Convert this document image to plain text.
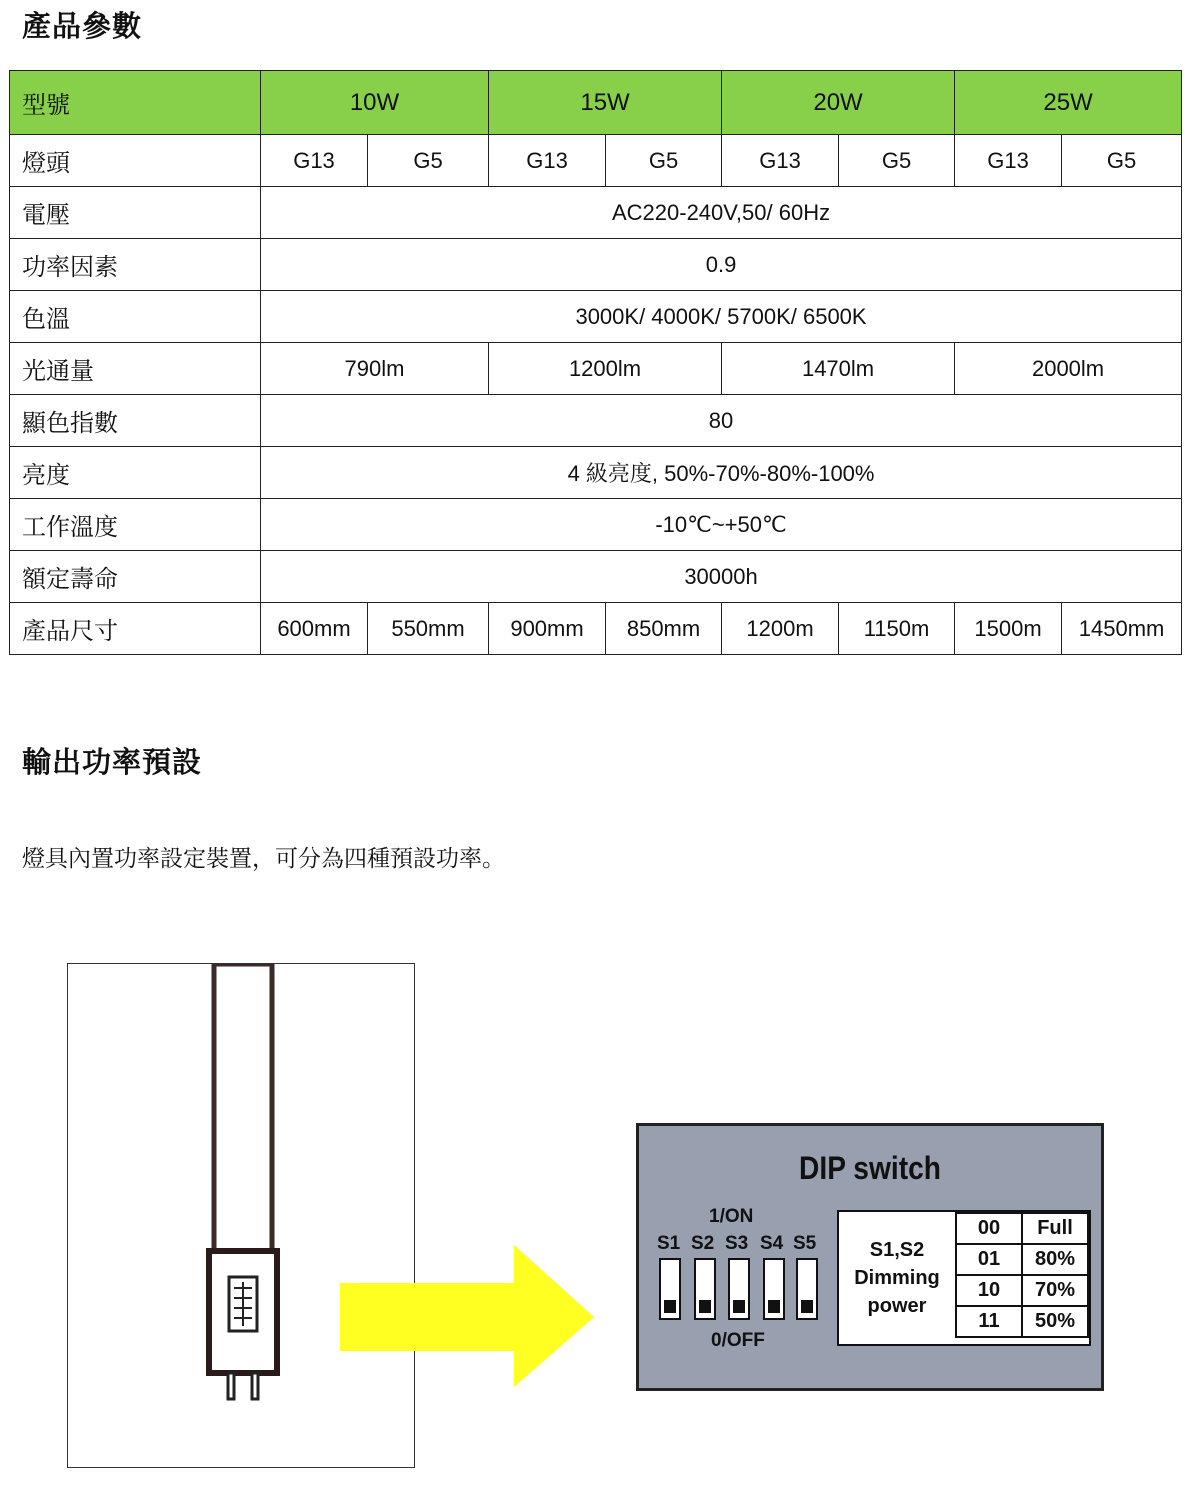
產品參數
型號	10W		15W		20W		25W	
燈頭	G13	G5	G13	G5	G13	G5	G13	G5
電壓	AC220-240V,50/ 60Hz							
功率因素	0.9							
色溫	3000K/ 4000K/ 5700K/ 6500K							
光通量	790lm		1200lm		1470lm		2000lm	
顯色指數	80							
亮度	4 級亮度, 50%-70%-80%-100%							
工作溫度	-10℃~+50℃							
額定壽命	30000h							
產品尺寸	600mm	550mm	900mm	850mm	1200m	1150m	1500m	1450mm
輸出功率預設
燈具內置功率設定裝置，可分為四種預設功率。
DIP switch
1/ON
S1 S2 S3 S4 S5
0/OFF
S1,S2
Dimming
power
00	Full
01	80%
10	70%
11	50%
